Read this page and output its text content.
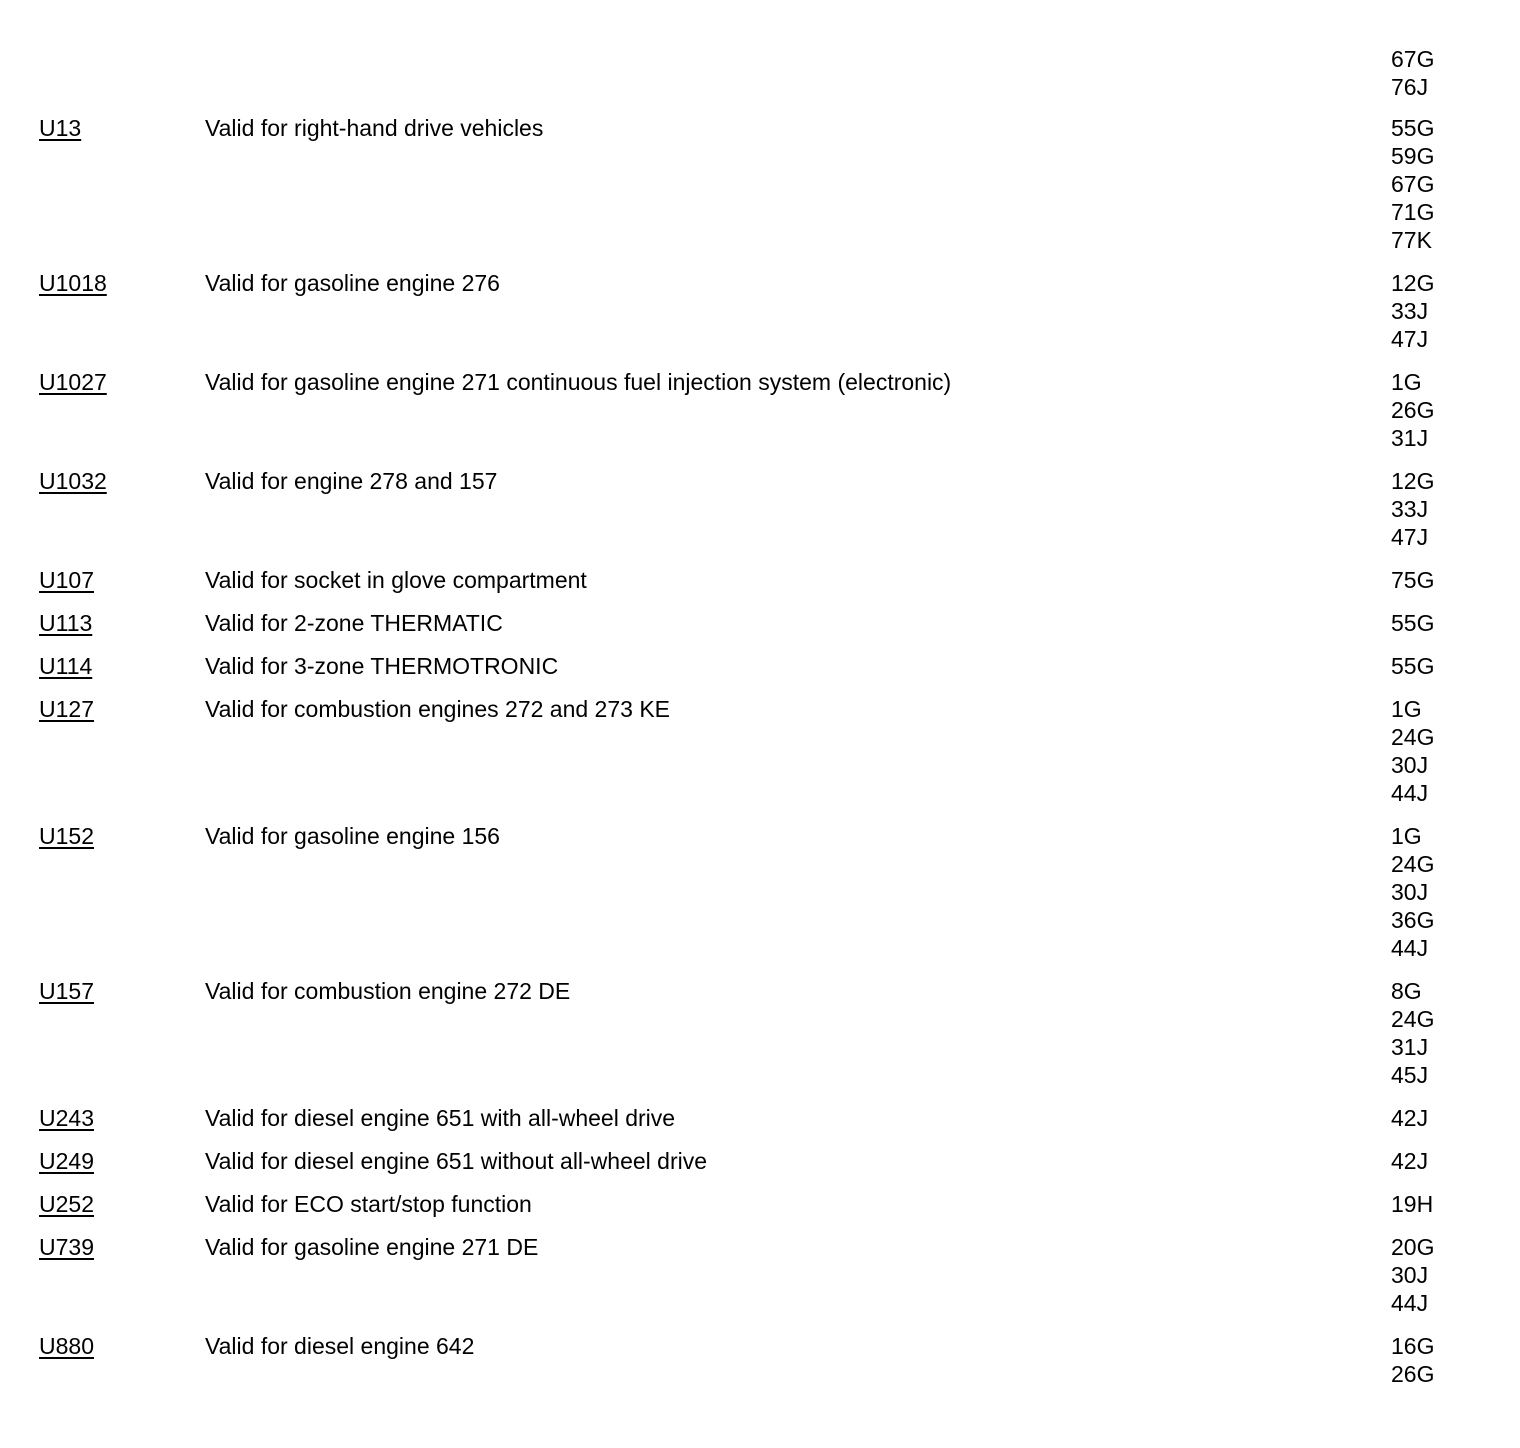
67G
76J
U13	Valid for right-hand drive vehicles	55G
59G
67G
71G
77K
U1018	Valid for gasoline engine 276	12G
33J
47J
U1027	Valid for gasoline engine 271 continuous fuel injection system (electronic)	1G
26G
31J
U1032	Valid for engine 278 and 157	12G
33J
47J
U107	Valid for socket in glove compartment	75G
U113	Valid for 2-zone THERMATIC	55G
U114	Valid for 3-zone THERMOTRONIC	55G
U127	Valid for combustion engines 272 and 273 KE	1G
24G
30J
44J
U152	Valid for gasoline engine 156	1G
24G
30J
36G
44J
U157	Valid for combustion engine 272 DE	8G
24G
31J
45J
U243	Valid for diesel engine 651 with all-wheel drive	42J
U249	Valid for diesel engine 651 without all-wheel drive	42J
U252	Valid for ECO start/stop function	19H
U739	Valid for gasoline engine 271 DE	20G
30J
44J
U880	Valid for diesel engine 642	16G
26G
